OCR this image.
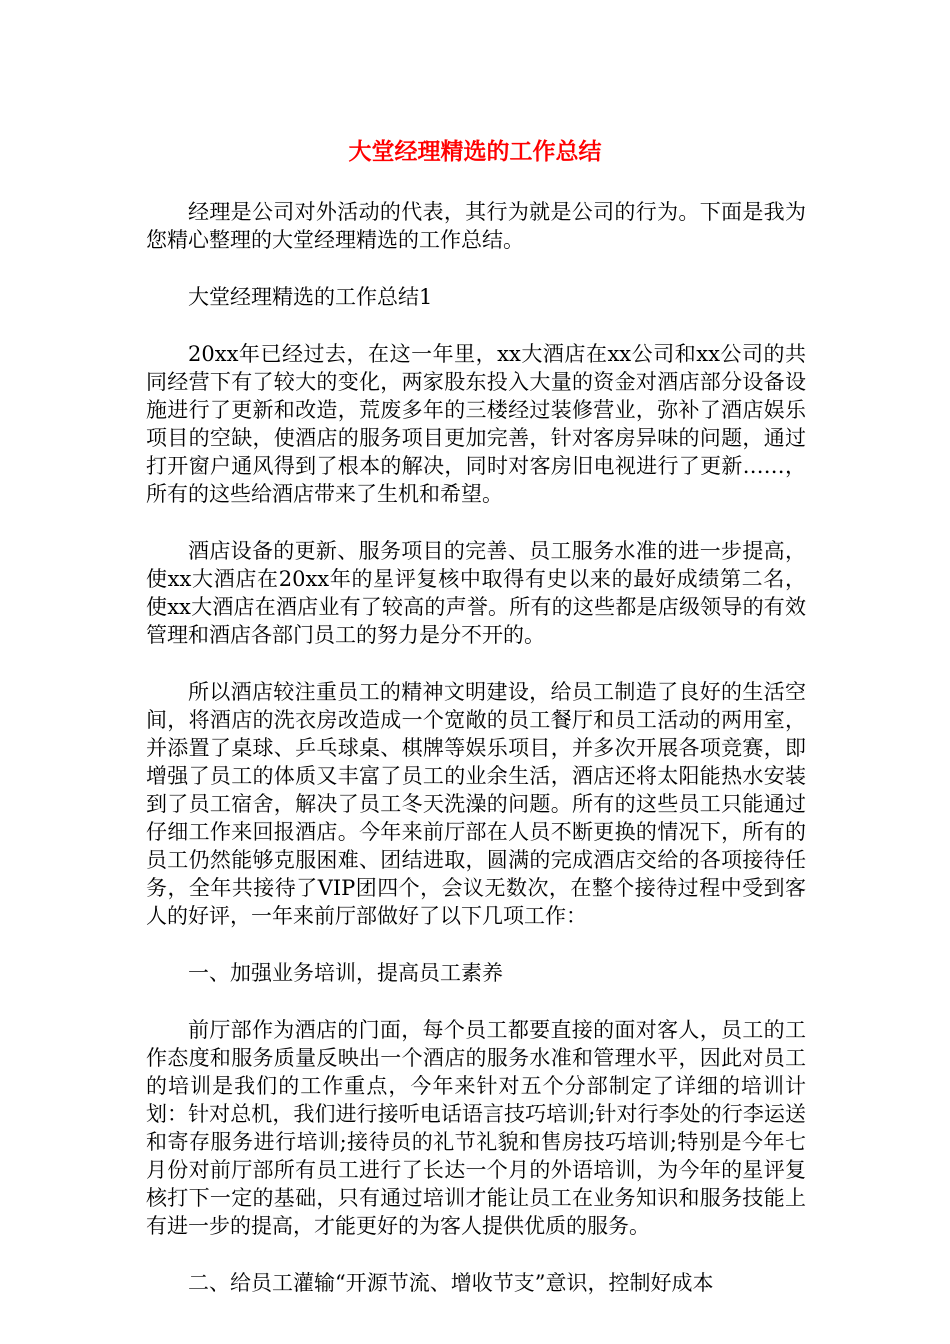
大堂经理精选的工作总结

经理是公司对外活动的代表，其行为就是公司的行为。下面是我为您精心整理的大堂经理精选的工作总结。

大堂经理精选的工作总结1

20xx年已经过去，在这一年里，xx大酒店在xx公司和xx公司的共同经营下有了较大的变化，两家股东投入大量的资金对酒店部分设备设施进行了更新和改造，荒废多年的三楼经过装修营业，弥补了酒店娱乐项目的空缺，使酒店的服务项目更加完善，针对客房异味的问题，通过打开窗户通风得到了根本的解决，同时对客房旧电视进行了更新……，所有的这些给酒店带来了生机和希望。

酒店设备的更新、服务项目的完善、员工服务水准的进一步提高，使xx大酒店在20xx年的星评复核中取得有史以来的最好成绩第二名，使xx大酒店在酒店业有了较高的声誉。所有的这些都是店级领导的有效管理和酒店各部门员工的努力是分不开的。

所以酒店较注重员工的精神文明建设，给员工制造了良好的生活空间，将酒店的洗衣房改造成一个宽敞的员工餐厅和员工活动的两用室，并添置了桌球、乒乓球桌、棋牌等娱乐项目，并多次开展各项竞赛，即增强了员工的体质又丰富了员工的业余生活，酒店还将太阳能热水安装到了员工宿舍，解决了员工冬天洗澡的问题。所有的这些员工只能通过仔细工作来回报酒店。今年来前厅部在人员不断更换的情况下，所有的员工仍然能够克服困难、团结进取，圆满的完成酒店交给的各项接待任务，全年共接待了VIP团四个，会议无数次，在整个接待过程中受到客人的好评，一年来前厅部做好了以下几项工作：

一、加强业务培训，提高员工素养

前厅部作为酒店的门面，每个员工都要直接的面对客人，员工的工作态度和服务质量反映出一个酒店的服务水准和管理水平，因此对员工的培训是我们的工作重点，今年来针对五个分部制定了详细的培训计划：针对总机，我们进行接听电话语言技巧培训;针对行李处的行李运送和寄存服务进行培训;接待员的礼节礼貌和售房技巧培训;特别是今年七月份对前厅部所有员工进行了长达一个月的外语培训，为今年的星评复核打下一定的基础，只有通过培训才能让员工在业务知识和服务技能上有进一步的提高，才能更好的为客人提供优质的服务。

二、给员工灌输“开源节流、增收节支”意识，控制好成本
